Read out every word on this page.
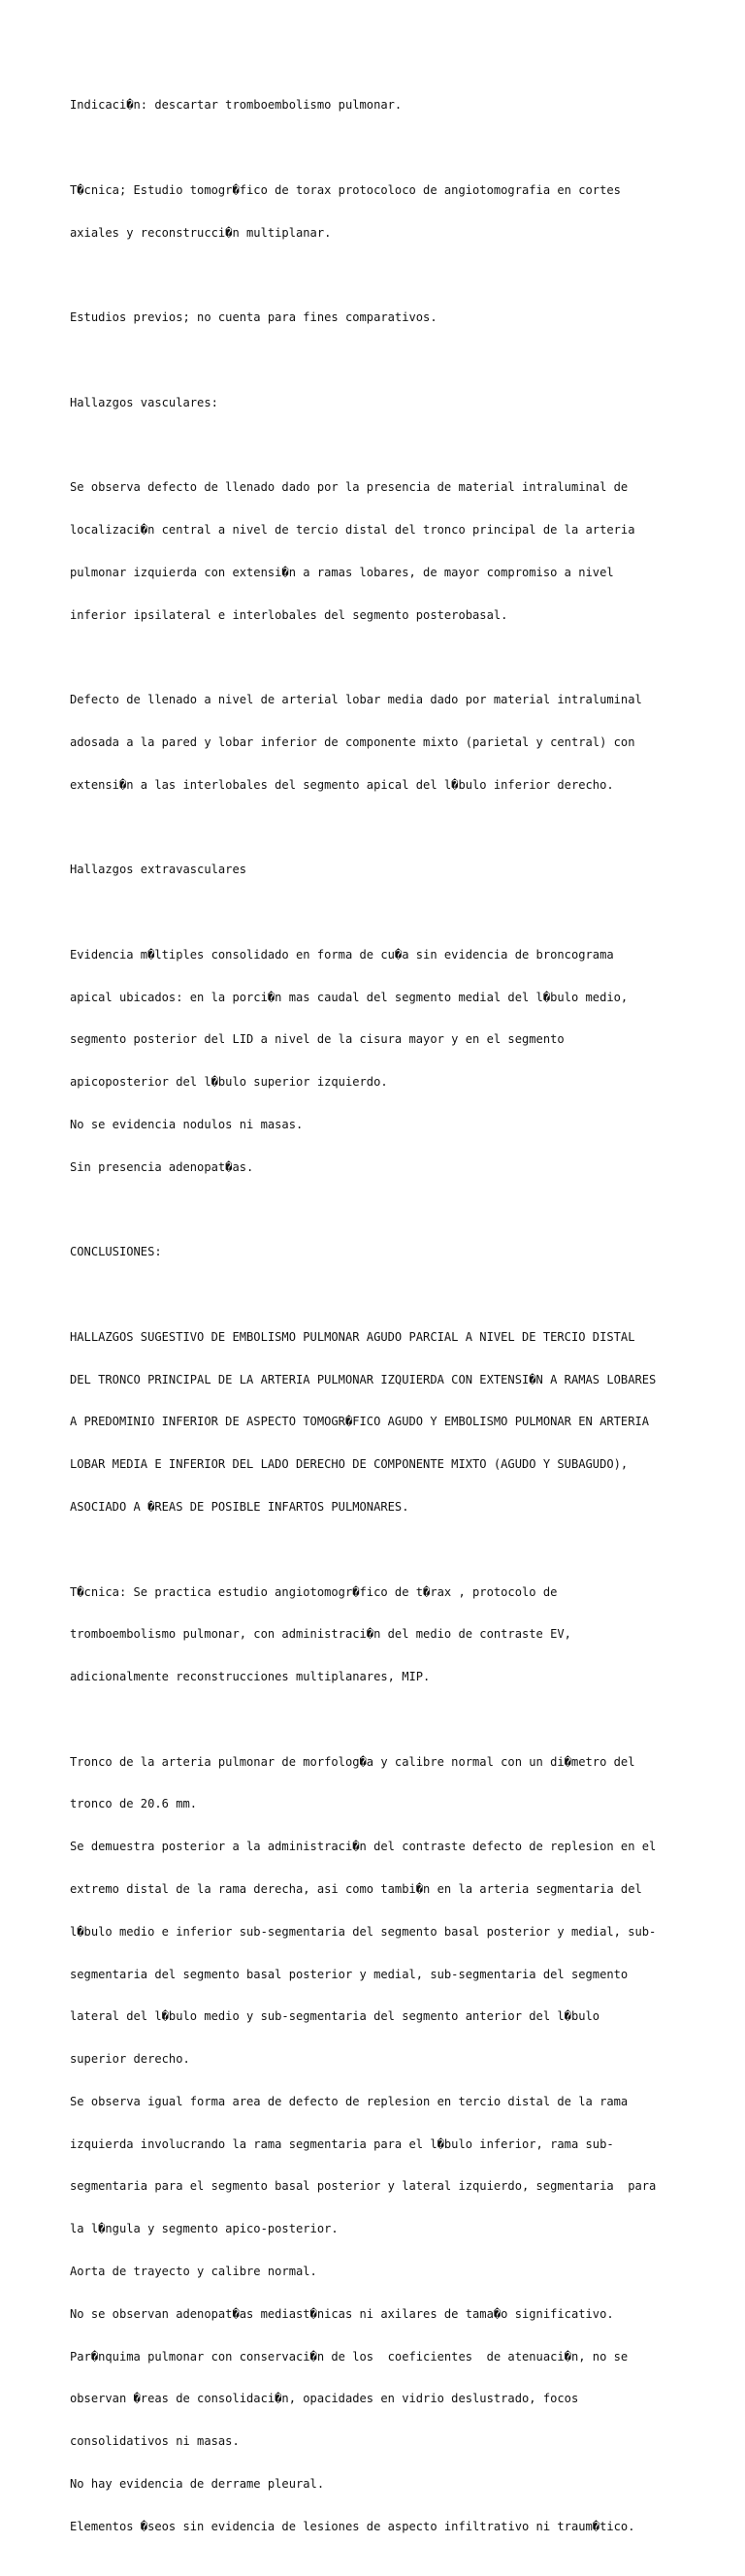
Indicaci�n: descartar tromboembolismo pulmonar.

T�cnica; Estudio tomogr�fico de torax protocoloco de angiotomografia en cortes

axiales y reconstrucci�n multiplanar.

Estudios previos; no cuenta para fines comparativos.

Hallazgos vasculares:

Se observa defecto de llenado dado por la presencia de material intraluminal de

localizaci�n central a nivel de tercio distal del tronco principal de la arteria

pulmonar izquierda con extensi�n a ramas lobares, de mayor compromiso a nivel

inferior ipsilateral e interlobales del segmento posterobasal.

Defecto de llenado a nivel de arterial lobar media dado por material intraluminal

adosada a la pared y lobar inferior de componente mixto (parietal y central) con

extensi�n a las interlobales del segmento apical del l�bulo inferior derecho.

Hallazgos extravasculares

Evidencia m�ltiples consolidado en forma de cu�a sin evidencia de broncograma

apical ubicados: en la porci�n mas caudal del segmento medial del l�bulo medio,

segmento posterior del LID a nivel de la cisura mayor y en el segmento

apicoposterior del l�bulo superior izquierdo.

No se evidencia nodulos ni masas.

Sin presencia adenopat�as.

CONCLUSIONES:

HALLAZGOS SUGESTIVO DE EMBOLISMO PULMONAR AGUDO PARCIAL A NIVEL DE TERCIO DISTAL

DEL TRONCO PRINCIPAL DE LA ARTERIA PULMONAR IZQUIERDA CON EXTENSI�N A RAMAS LOBARES

A PREDOMINIO INFERIOR DE ASPECTO TOMOGR�FICO AGUDO Y EMBOLISMO PULMONAR EN ARTERIA

LOBAR MEDIA E INFERIOR DEL LADO DERECHO DE COMPONENTE MIXTO (AGUDO Y SUBAGUDO),

ASOCIADO A �REAS DE POSIBLE INFARTOS PULMONARES.

T�cnica: Se practica estudio angiotomogr�fico de t�rax , protocolo de

tromboembolismo pulmonar, con administraci�n del medio de contraste EV,

adicionalmente reconstrucciones multiplanares, MIP.

Tronco de la arteria pulmonar de morfolog�a y calibre normal con un di�metro del

tronco de 20.6 mm.

Se demuestra posterior a la administraci�n del contraste defecto de replesion en el

extremo distal de la rama derecha, asi como tambi�n en la arteria segmentaria del

l�bulo medio e inferior sub-segmentaria del segmento basal posterior y medial, sub-

segmentaria del segmento basal posterior y medial, sub-segmentaria del segmento

lateral del l�bulo medio y sub-segmentaria del segmento anterior del l�bulo

superior derecho.

Se observa igual forma area de defecto de replesion en tercio distal de la rama

izquierda involucrando la rama segmentaria para el l�bulo inferior, rama sub-

segmentaria para el segmento basal posterior y lateral izquierdo, segmentaria  para

la l�ngula y segmento apico-posterior.

Aorta de trayecto y calibre normal.

No se observan adenopat�as mediast�nicas ni axilares de tama�o significativo.

Par�nquima pulmonar con conservaci�n de los  coeficientes  de atenuaci�n, no se

observan �reas de consolidaci�n, opacidades en vidrio deslustrado, focos

consolidativos ni masas.

No hay evidencia de derrame pleural.

Elementos �seos sin evidencia de lesiones de aspecto infiltrativo ni traum�tico.
